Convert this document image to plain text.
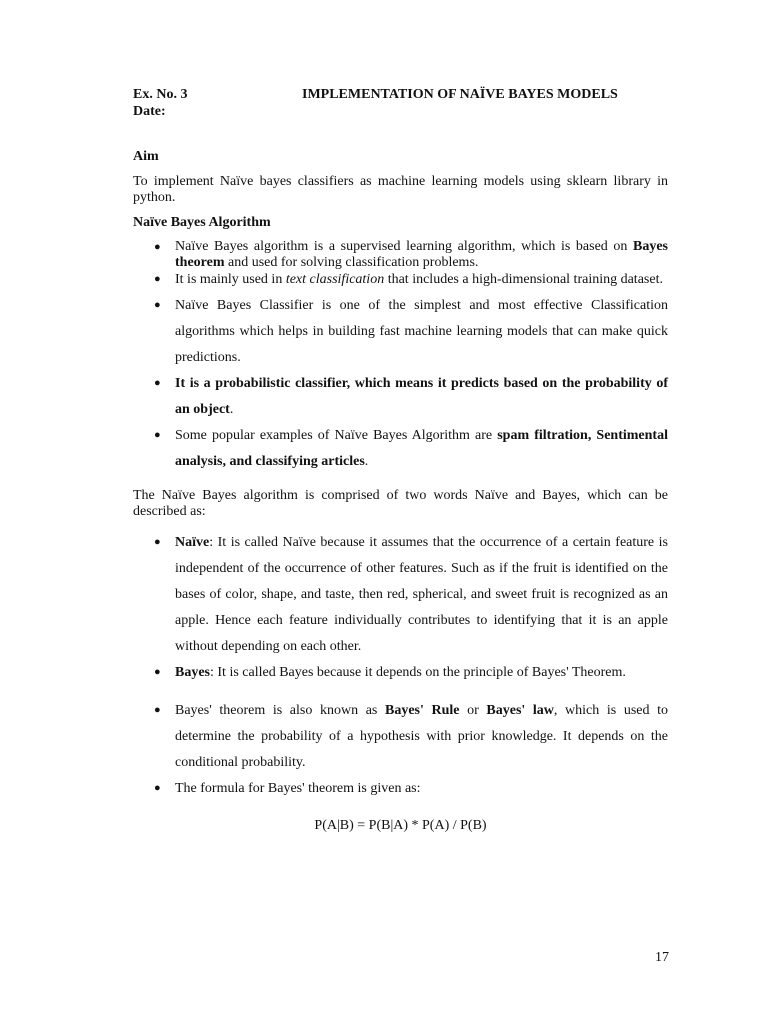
Ex. No. 3
Date:
IMPLEMENTATION OF NAÏVE BAYES MODELS

Aim

To implement Naïve bayes classifiers as machine learning models using sklearn library in python.

Naïve Bayes Algorithm

● Naïve Bayes algorithm is a supervised learning algorithm, which is based on Bayes theorem and used for solving classification problems.
● It is mainly used in text classification that includes a high-dimensional training dataset.
● Naïve Bayes Classifier is one of the simplest and most effective Classification algorithms which helps in building fast machine learning models that can make quick predictions.
● It is a probabilistic classifier, which means it predicts based on the probability of an object.
● Some popular examples of Naïve Bayes Algorithm are spam filtration, Sentimental analysis, and classifying articles.

The Naïve Bayes algorithm is comprised of two words Naïve and Bayes, which can be described as:

● Naïve: It is called Naïve because it assumes that the occurrence of a certain feature is independent of the occurrence of other features. Such as if the fruit is identified on the bases of color, shape, and taste, then red, spherical, and sweet fruit is recognized as an apple. Hence each feature individually contributes to identifying that it is an apple without depending on each other.
● Bayes: It is called Bayes because it depends on the principle of Bayes' Theorem.
● Bayes' theorem is also known as Bayes' Rule or Bayes' law, which is used to determine the probability of a hypothesis with prior knowledge. It depends on the conditional probability.
● The formula for Bayes' theorem is given as:

P(A|B) = P(B|A) * P(A) / P(B)

17
